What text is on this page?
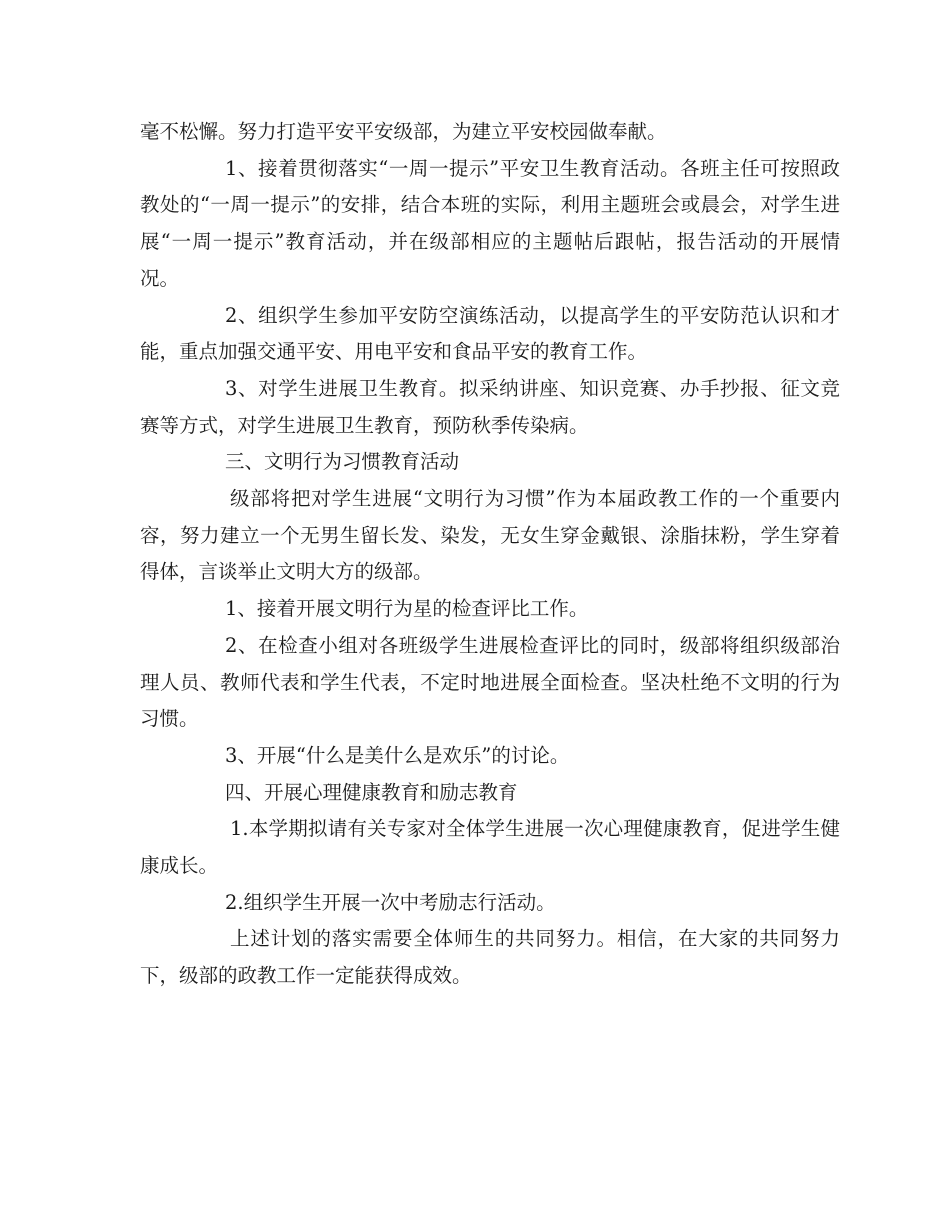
毫不松懈。努力打造平安平安级部，为建立平安校园做奉献。

1、接着贯彻落实“一周一提示”平安卫生教育活动。各班主任可按照政教处的“一周一提示”的安排，结合本班的实际，利用主题班会或晨会，对学生进展“一周一提示”教育活动，并在级部相应的主题帖后跟帖，报告活动的开展情况。

2、组织学生参加平安防空演练活动，以提高学生的平安防范认识和才能，重点加强交通平安、用电平安和食品平安的教育工作。

3、对学生进展卫生教育。拟采纳讲座、知识竞赛、办手抄报、征文竞赛等方式，对学生进展卫生教育，预防秋季传染病。

三、文明行为习惯教育活动

级部将把对学生进展“文明行为习惯”作为本届政教工作的一个重要内容，努力建立一个无男生留长发、染发，无女生穿金戴银、涂脂抹粉，学生穿着得体，言谈举止文明大方的级部。

1、接着开展文明行为星的检查评比工作。

2、在检查小组对各班级学生进展检查评比的同时，级部将组织级部治理人员、教师代表和学生代表，不定时地进展全面检查。坚决杜绝不文明的行为习惯。

3、开展“什么是美什么是欢乐”的讨论。

四、开展心理健康教育和励志教育

1.本学期拟请有关专家对全体学生进展一次心理健康教育，促进学生健康成长。

2.组织学生开展一次中考励志行活动。

上述计划的落实需要全体师生的共同努力。相信，在大家的共同努力下，级部的政教工作一定能获得成效。
